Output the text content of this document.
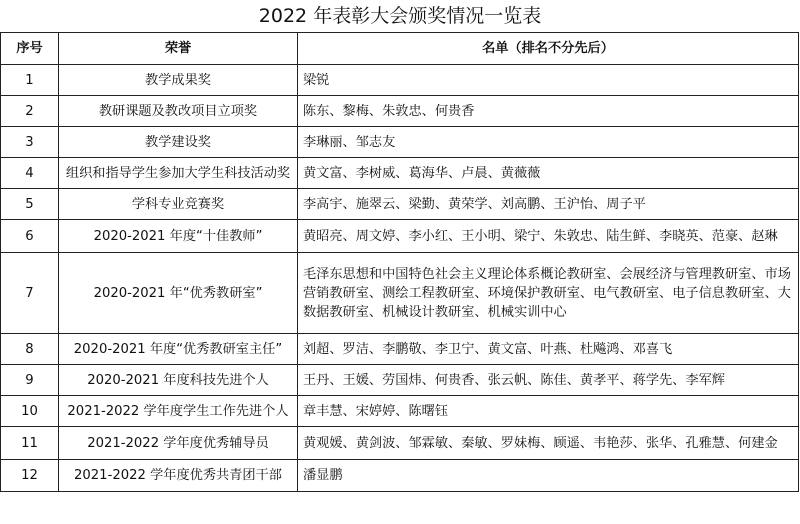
2022 年表彰大会颁奖情况一览表
序号	荣誉	名单（排名不分先后）
1	教学成果奖	梁锐
2	教研课题及教改项目立项奖	陈东、黎梅、朱敦忠、何贵香
3	教学建设奖	李琳丽、邹志友
4	组织和指导学生参加大学生科技活动奖	黄文富、李树威、葛海华、卢晨、黄薇薇
5	学科专业竞赛奖	李高宇、施翠云、梁勤、黄荣学、刘高鹏、王沪怡、周子平
6	2020-2021 年度“十佳教师”	黄昭亮、周文婷、李小红、王小明、梁宁、朱敦忠、陆生鲜、李晓英、范豪、赵琳
7	2020-2021 年“优秀教研室”	毛泽东思想和中国特色社会主义理论体系概论教研室、会展经济与管理教研室、市场营销教研室、测绘工程教研室、环境保护教研室、电气教研室、电子信息教研室、大数据教研室、机械设计教研室、机械实训中心
8	2020-2021 年度“优秀教研室主任”	刘超、罗洁、李鹏敬、李卫宁、黄文富、叶燕、杜飚鸿、邓喜飞
9	2020-2021 年度科技先进个人	王丹、王媛、劳国炜、何贵香、张云帆、陈佳、黄孝平、蒋学先、李军辉
10	2021-2022 学年度学生工作先进个人	章丰慧、宋婷婷、陈曙钰
11	2021-2022 学年度优秀辅导员	黄观媛、黄剑波、邹霖敏、秦敏、罗妹梅、顾遥、韦艳莎、张华、孔雅慧、何建金
12	2021-2022 学年度优秀共青团干部	潘显鹏
